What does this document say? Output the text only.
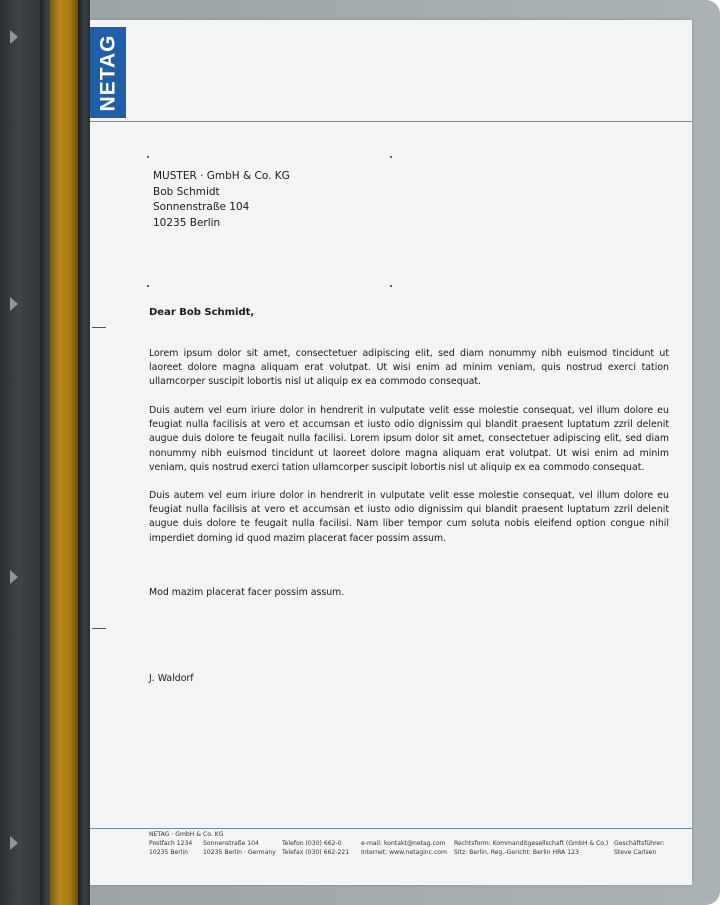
NETAG
MUSTER · GmbH & Co. KG
Bob Schmidt
Sonnenstraße 104
10235 Berlin
Dear Bob Schmidt,
Lorem ipsum dolor sit amet, consectetuer adipiscing elit, sed diam nonummy nibh euismod tincidunt ut laoreet dolore magna aliquam erat volutpat. Ut wisi enim ad minim veniam, quis nostrud exerci tation ullamcorper suscipit lobortis nisl ut aliquip ex ea commodo consequat.
Duis autem vel eum iriure dolor in hendrerit in vulputate velit esse molestie consequat, vel illum dolore eu feugiat nulla facilisis at vero et accumsan et iusto odio dignissim qui blandit praesent luptatum zzril delenit augue duis dolore te feugait nulla facilisi. Lorem ipsum dolor sit amet, consectetuer adipiscing elit, sed diam nonummy nibh euismod tincidunt ut laoreet dolore magna aliquam erat volutpat. Ut wisi enim ad minim veniam, quis nostrud exerci tation ullamcorper suscipit lobortis nisl ut aliquip ex ea commodo consequat.
Duis autem vel eum iriure dolor in hendrerit in vulputate velit esse molestie consequat, vel illum dolore eu feugiat nulla facilisis at vero et accumsan et iusto odio dignissim qui blandit praesent luptatum zzril delenit augue duis dolore te feugait nulla facilisi. Nam liber tempor cum soluta nobis eleifend option congue nihil imperdiet doming id quod mazim placerat facer possim assum.
Mod mazim placerat facer possim assum.
J. Waldorf
NETAG · GmbH & Co. KG
Postfach 1234
10235 Berlin
Sonnenstraße 104
10235 Berlin · Germany
Telefon (030) 662-0
Telefax (030) 662-221
e-mail: kontakt@netag.com
Internet: www.netaginc.com
Rechtsform: Kommanditgesellschaft (GmbH & Co.)
Sitz: Berlin, Reg.-Gericht: Berlin HRA 123
Geschäftsführer:
Steve Carlsen
